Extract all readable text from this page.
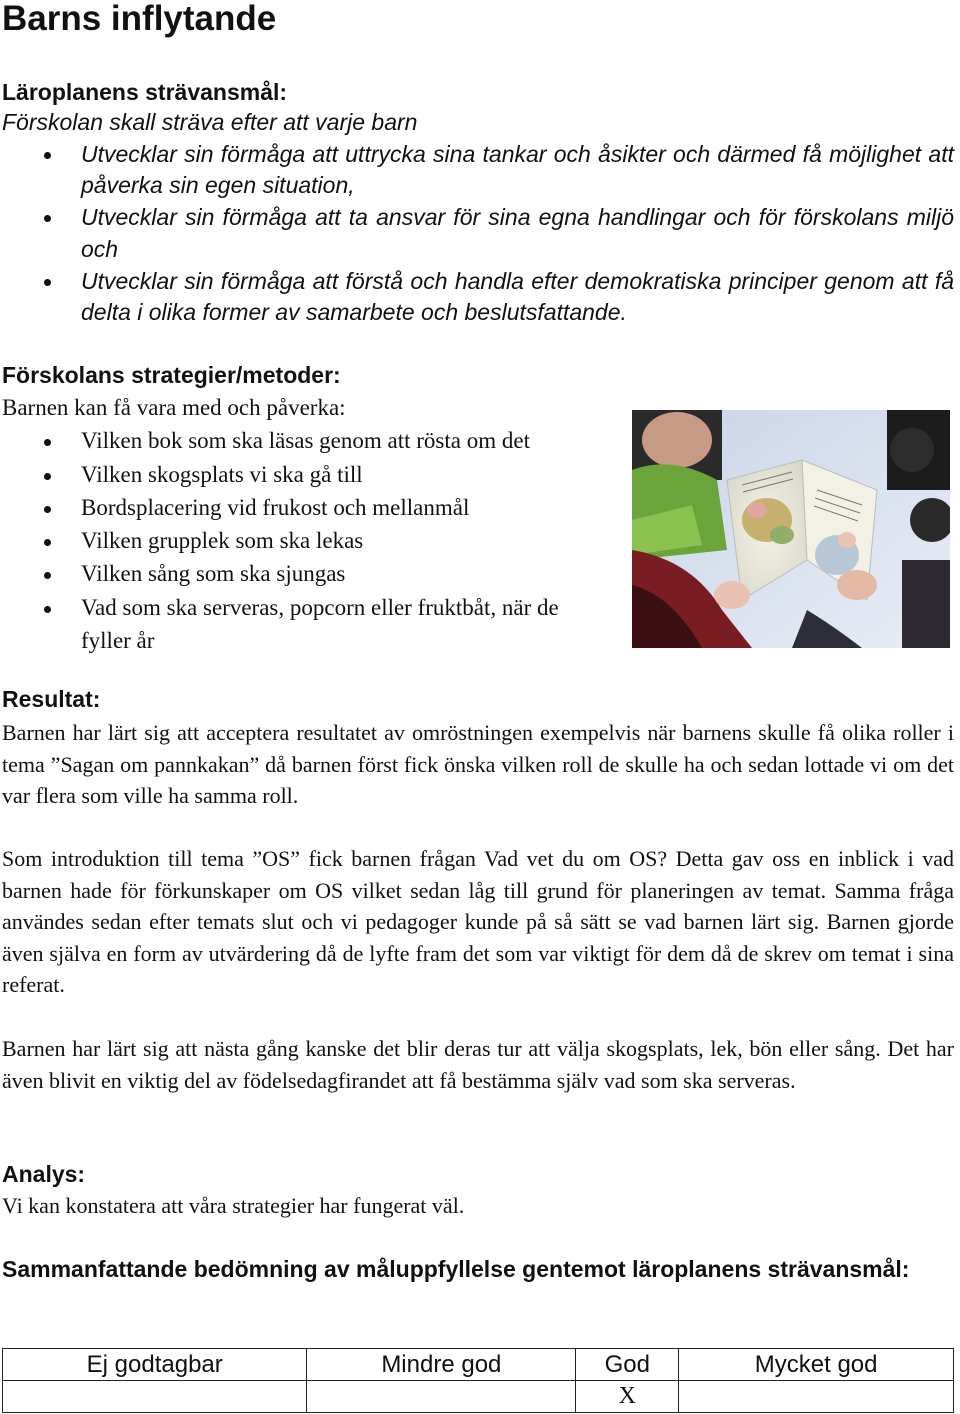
Barns inflytande
Läroplanens strävansmål:
Förskolan skall sträva efter att varje barn
Utvecklar sin förmåga att uttrycka sina tankar och åsikter och därmed få möjlighet att påverka sin egen situation,
Utvecklar sin förmåga att ta ansvar för sina egna handlingar och för förskolans miljö och
Utvecklar sin förmåga att förstå och handla efter demokratiska principer genom att få delta i olika former av samarbete och beslutsfattande.
Förskolans strategier/metoder:
Barnen kan få vara med och påverka:
Vilken bok som ska läsas genom att rösta om det
Vilken skogsplats vi ska gå till
Bordsplacering vid frukost och mellanmål
Vilken grupplek som ska lekas
Vilken sång som ska sjungas
Vad som ska serveras, popcorn eller fruktbåt, när de fyller år
Resultat:

Barnen har lärt sig att acceptera resultatet av omröstningen exempelvis när barnens skulle få olika roller i tema ”Sagan om pannkakan” då barnen först fick önska vilken roll de skulle ha och sedan lottade vi om det var flera som ville ha samma roll.

Som introduktion till tema ”OS” fick barnen frågan Vad vet du om OS? Detta gav oss en inblick i vad barnen hade för förkunskaper om OS vilket sedan låg till grund för planeringen av temat. Samma fråga användes sedan efter temats slut och vi pedagoger kunde på så sätt se vad barnen lärt sig. Barnen gjorde även själva en form av utvärdering då de lyfte fram det som var viktigt för dem då de skrev om temat i sina referat.

Barnen har lärt sig att nästa gång kanske det blir deras tur att välja skogsplats, lek, bön eller sång. Det har även blivit en viktig del av födelsedagfirandet att få bestämma själv vad som ska serveras.

Analys:

Vi kan konstatera att våra strategier har fungerat väl.

Sammanfattande bedömning av måluppfyllelse gentemot läroplanens strävansmål:
Ej godtagbar	Mindre god	God	Mycket god
		X	
